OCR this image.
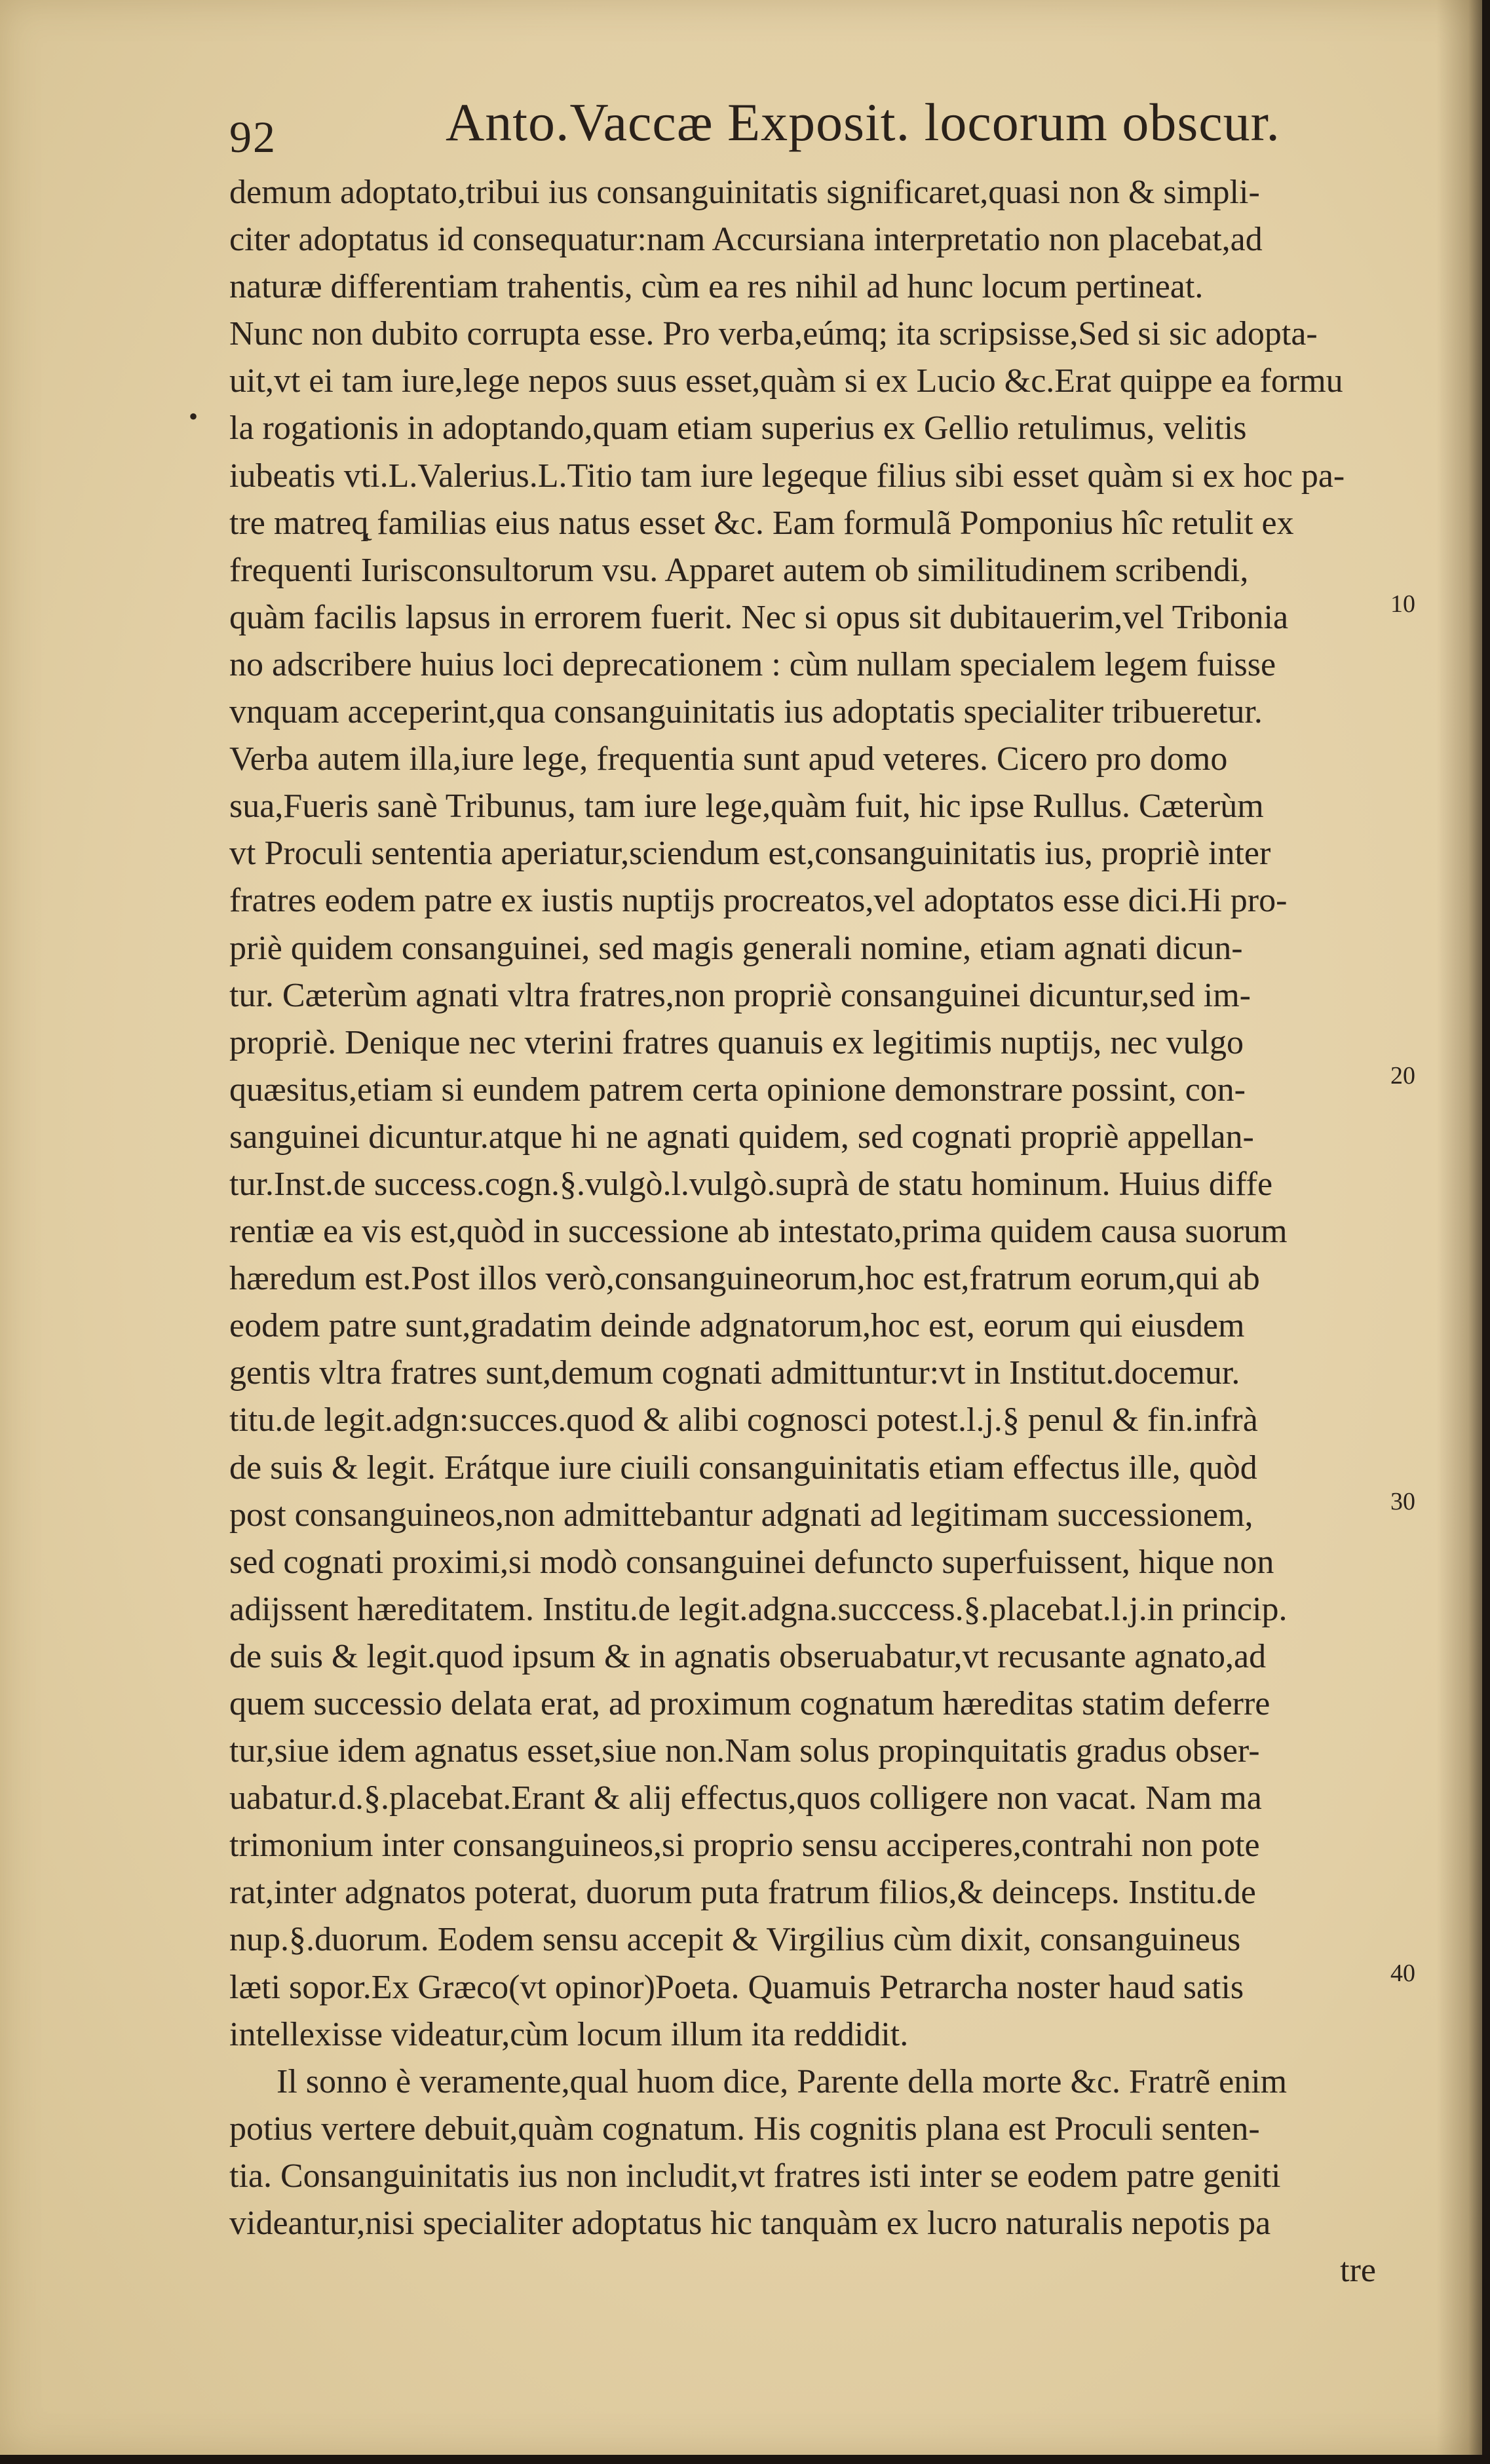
92	Anto.Vaccæ Exposit. locorum obscur.
•
demum adoptato,tribui ius consanguinitatis significaret,quasi non & simpli-
citer adoptatus id consequatur:nam Accursiana interpretatio non placebat,ad
naturæ differentiam trahentis, cùm ea res nihil ad hunc locum pertineat.
Nunc non dubito corrupta esse. Pro verba,eúmq; ita scripsisse,Sed si sic adopta-
uit,vt ei tam iure,lege nepos suus esset,quàm si ex Lucio &c.Erat quippe ea formu
la rogationis in adoptando,quam etiam superius ex Gellio retulimus, velitis
iubeatis vti.L.Valerius.L.Titio tam iure legeque filius sibi esset quàm si ex hoc pa-
tre matreq̨ familias eius natus esset &c. Eam formulã Pomponius hîc retulit ex
frequenti Iurisconsultorum vsu. Apparet autem ob similitudinem scribendi,
quàm facilis lapsus in errorem fuerit. Nec si opus sit dubitauerim,vel Tribonia
no adscribere huius loci deprecationem : cùm nullam specialem legem fuisse
vnquam acceperint,qua consanguinitatis ius adoptatis specialiter tribueretur.
Verba autem illa,iure lege, frequentia sunt apud veteres. Cicero pro domo
sua,Fueris sanè Tribunus, tam iure lege,quàm fuit, hic ipse Rullus. Cæterùm
vt Proculi sententia aperiatur,sciendum est,consanguinitatis ius, propriè inter
fratres eodem patre ex iustis nuptijs procreatos,vel adoptatos esse dici.Hi pro-
priè quidem consanguinei, sed magis generali nomine, etiam agnati dicun-
tur. Cæterùm agnati vltra fratres,non propriè consanguinei dicuntur,sed im-
propriè. Denique nec vterini fratres quanuis ex legitimis nuptijs, nec vulgo
quæsitus,etiam si eundem patrem certa opinione demonstrare possint, con-
sanguinei dicuntur.atque hi ne agnati quidem, sed cognati propriè appellan-
tur.Inst.de success.cogn.§.vulgò.l.vulgò.suprà de statu hominum. Huius diffe
rentiæ ea vis est,quòd in successione ab intestato,prima quidem causa suorum
hæredum est.Post illos verò,consanguineorum,hoc est,fratrum eorum,qui ab
eodem patre sunt,gradatim deinde adgnatorum,hoc est, eorum qui eiusdem
gentis vltra fratres sunt,demum cognati admittuntur:vt in Institut.docemur.
titu.de legit.adgn:succes.quod & alibi cognosci potest.l.j.§ penul & fin.infrà
de suis & legit. Erátque iure ciuili consanguinitatis etiam effectus ille, quòd
post consanguineos,non admittebantur adgnati ad legitimam successionem,
sed cognati proximi,si modò consanguinei defuncto superfuissent, hique non
adijssent hæreditatem. Institu.de legit.adgna.succcess.§.placebat.l.j.in princip.
de suis & legit.quod ipsum & in agnatis obseruabatur,vt recusante agnato,ad
quem successio delata erat, ad proximum cognatum hæreditas statim deferre
tur,siue idem agnatus esset,siue non.Nam solus propinquitatis gradus obser-
uabatur.d.§.placebat.Erant & alij effectus,quos colligere non vacat. Nam ma
trimonium inter consanguineos,si proprio sensu acciperes,contrahi non pote
rat,inter adgnatos poterat, duorum puta fratrum filios,& deinceps. Institu.de
nup.§.duorum. Eodem sensu accepit & Virgilius cùm dixit, consanguineus
læti sopor.Ex Græco(vt opinor)Poeta. Quamuis Petrarcha noster haud satis
intellexisse videatur,cùm locum illum ita reddidit.
Il sonno è veramente,qual huom dice, Parente della morte &c. Fratrẽ enim
potius vertere debuit,quàm cognatum. His cognitis plana est Proculi senten-
tia. Consanguinitatis ius non includit,vt fratres isti inter se eodem patre geniti
videantur,nisi specialiter adoptatus hic tanquàm ex lucro naturalis nepotis pa
tre
10
20
30
40
